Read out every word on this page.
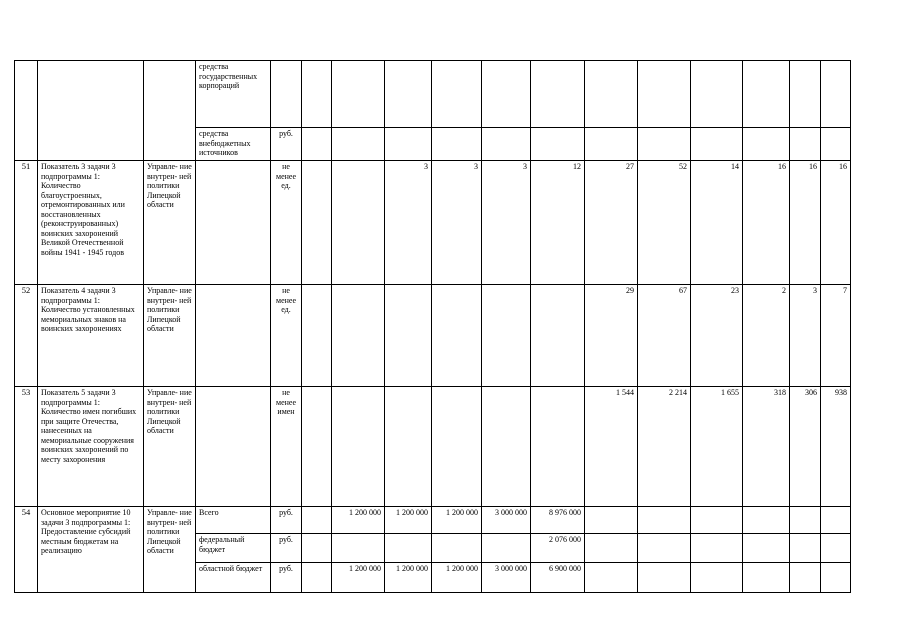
			средства государственных корпораций													
			средства внебюджетных источников	руб.												
51	Показатель 3 задачи 3 подпрограммы 1: Количество благоустроенных, отремонтированных или восстановленных (реконструированных) воинских захоронений Великой Отечественной войны 1941 - 1945 годов	Управле- ние внутрен- ней политики Липецкой области		не менее ед.			3	3	3	12	27	52	14	16	16	16
52	Показатель 4 задачи 3 подпрограммы 1: Количество установленных мемориальных знаков на воинских захоронениях	Управле- ние внутрен- ней политики Липецкой области		не менее ед.							29	67	23	2	3	7
53	Показатель 5 задачи 3 подпрограммы 1: Количество имен погибших при защите Отечества, нанесенных на мемориальные сооружения воинских захоронений по месту захоронения	Управле- ние внутрен- ней политики Липецкой области		не менее имен							1 544	2 214	1 655	318	306	938
54	Основное мероприятие 10 задачи 3 подпрограммы 1: Предоставление субсидий местным бюджетам на реализацию	Управле- ние внутрен- ней политики Липецкой области	Всего	руб.		1 200 000	1 200 000	1 200 000	3 000 000	8 976 000						
			федеральный бюджет	руб.						2 076 000						
			областной бюджет	руб.		1 200 000	1 200 000	1 200 000	3 000 000	6 900 000						
